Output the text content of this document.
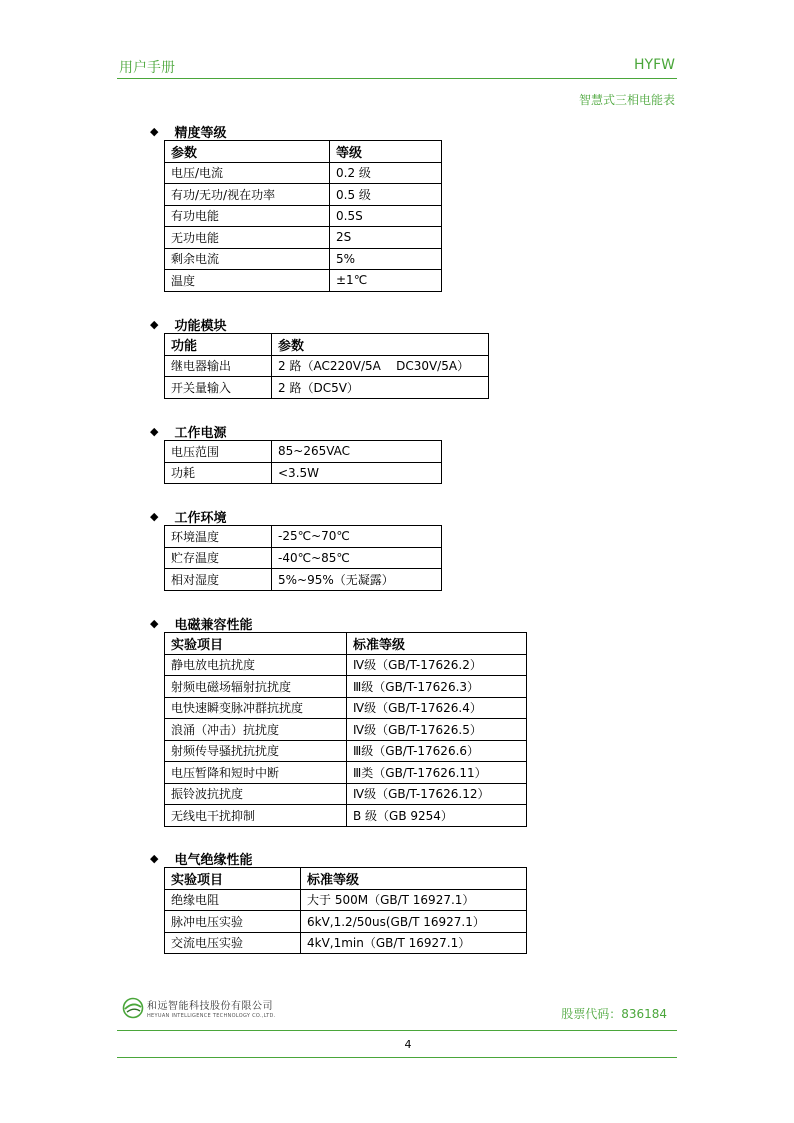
用户手册	HYFW
智慧式三相电能表
◆ 精度等级
参数	等级
电压/电流	0.2 级
有功/无功/视在功率	0.5 级
有功电能	0.5S
无功电能	2S
剩余电流	5%
温度	±1℃
◆ 功能模块
功能	参数
继电器输出	2 路（AC220V/5A    DC30V/5A）
开关量输入	2 路（DC5V）
◆ 工作电源
电压范围	85~265VAC
功耗	<3.5W
◆ 工作环境
环境温度	-25℃~70℃
贮存温度	-40℃~85℃
相对湿度	5%~95%（无凝露）
◆ 电磁兼容性能
实验项目	标准等级
静电放电抗扰度	Ⅳ级（GB/T-17626.2）
射频电磁场辐射抗扰度	Ⅲ级（GB/T-17626.3）
电快速瞬变脉冲群抗扰度	Ⅳ级（GB/T-17626.4）
浪涌（冲击）抗扰度	Ⅳ级（GB/T-17626.5）
射频传导骚扰抗扰度	Ⅲ级（GB/T-17626.6）
电压暂降和短时中断	Ⅲ类（GB/T-17626.11）
振铃波抗扰度	Ⅳ级（GB/T-17626.12）
无线电干扰抑制	B 级（GB 9254）
◆ 电气绝缘性能
实验项目	标准等级
绝缘电阻	大于 500M（GB/T 16927.1）
脉冲电压实验	6kV,1.2/50us(GB/T 16927.1）
交流电压实验	4kV,1min（GB/T 16927.1）
和远智能科技股份有限公司
HEYUAN INTELLIGENCE TECHNOLOGY CO.,LTD.	股票代码：836184
4
